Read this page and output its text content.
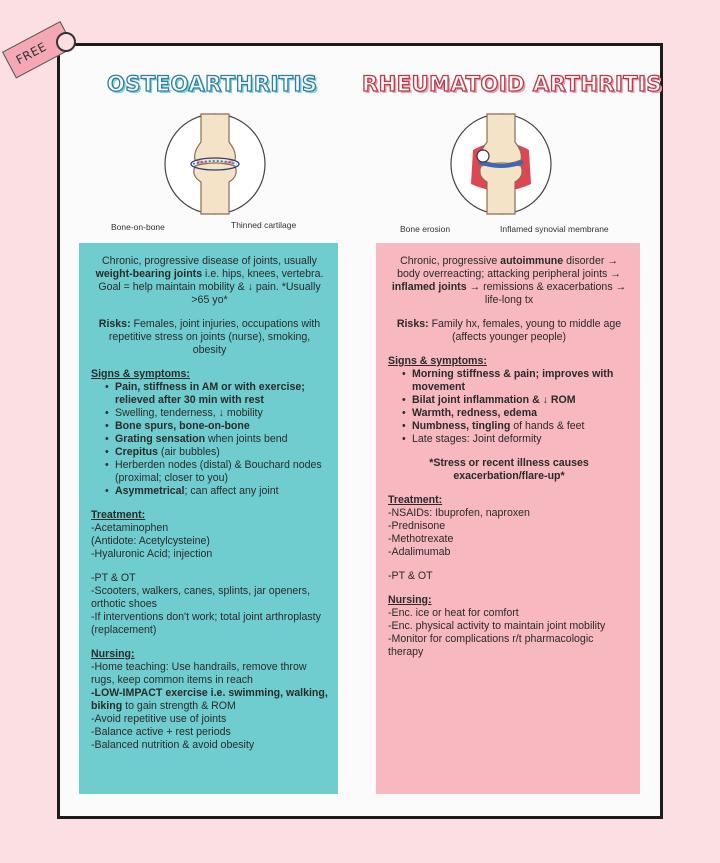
FREE
OSTEOARTHRITIS RHEUMATOID ARTHRITIS
Bone-on-bone	Thinned cartilage	Bone erosion	Inflamed synovial membrane

Chronic, progressive disease of joints, usually weight-bearing joints i.e. hips, knees, vertebra. Goal = help maintain mobility & ↓ pain. *Usually >65 yo*

Risks: Females, joint injuries, occupations with repetitive stress on joints (nurse), smoking, obesity

Signs & symptoms:
• Pain, stiffness in AM or with exercise; relieved after 30 min with rest
• Swelling, tenderness, ↓ mobility
• Bone spurs, bone-on-bone
• Grating sensation when joints bend
• Crepitus (air bubbles)
• Herberden nodes (distal) & Bouchard nodes (proximal; closer to you)
• Asymmetrical; can affect any joint
Treatment:
-Acetaminophen
(Antidote: Acetylcysteine)
-Hyaluronic Acid; injection
-PT & OT
-Scooters, walkers, canes, splints, jar openers, orthotic shoes
-If interventions don't work; total joint arthroplasty (replacement)
Nursing:
-Home teaching: Use handrails, remove throw rugs, keep common items in reach
-LOW-IMPACT exercise i.e. swimming, walking, biking to gain strength & ROM
-Avoid repetitive use of joints
-Balance active + rest periods
-Balanced nutrition & avoid obesity

Chronic, progressive autoimmune disorder → body overreacting; attacking peripheral joints → inflamed joints → remissions & exacerbations → life-long tx

Risks: Family hx, females, young to middle age (affects younger people)

Signs & symptoms:
• Morning stiffness & pain; improves with movement
• Bilat joint inflammation & ↓ ROM
• Warmth, redness, edema
• Numbness, tingling of hands & feet
• Late stages: Joint deformity

*Stress or recent illness causes exacerbation/flare-up*

Treatment:
-NSAIDs: Ibuprofen, naproxen
-Prednisone
-Methotrexate
-Adalimumab
-PT & OT
Nursing:
-Enc. ice or heat for comfort
-Enc. physical activity to maintain joint mobility
-Monitor for complications r/t pharmacologic therapy
